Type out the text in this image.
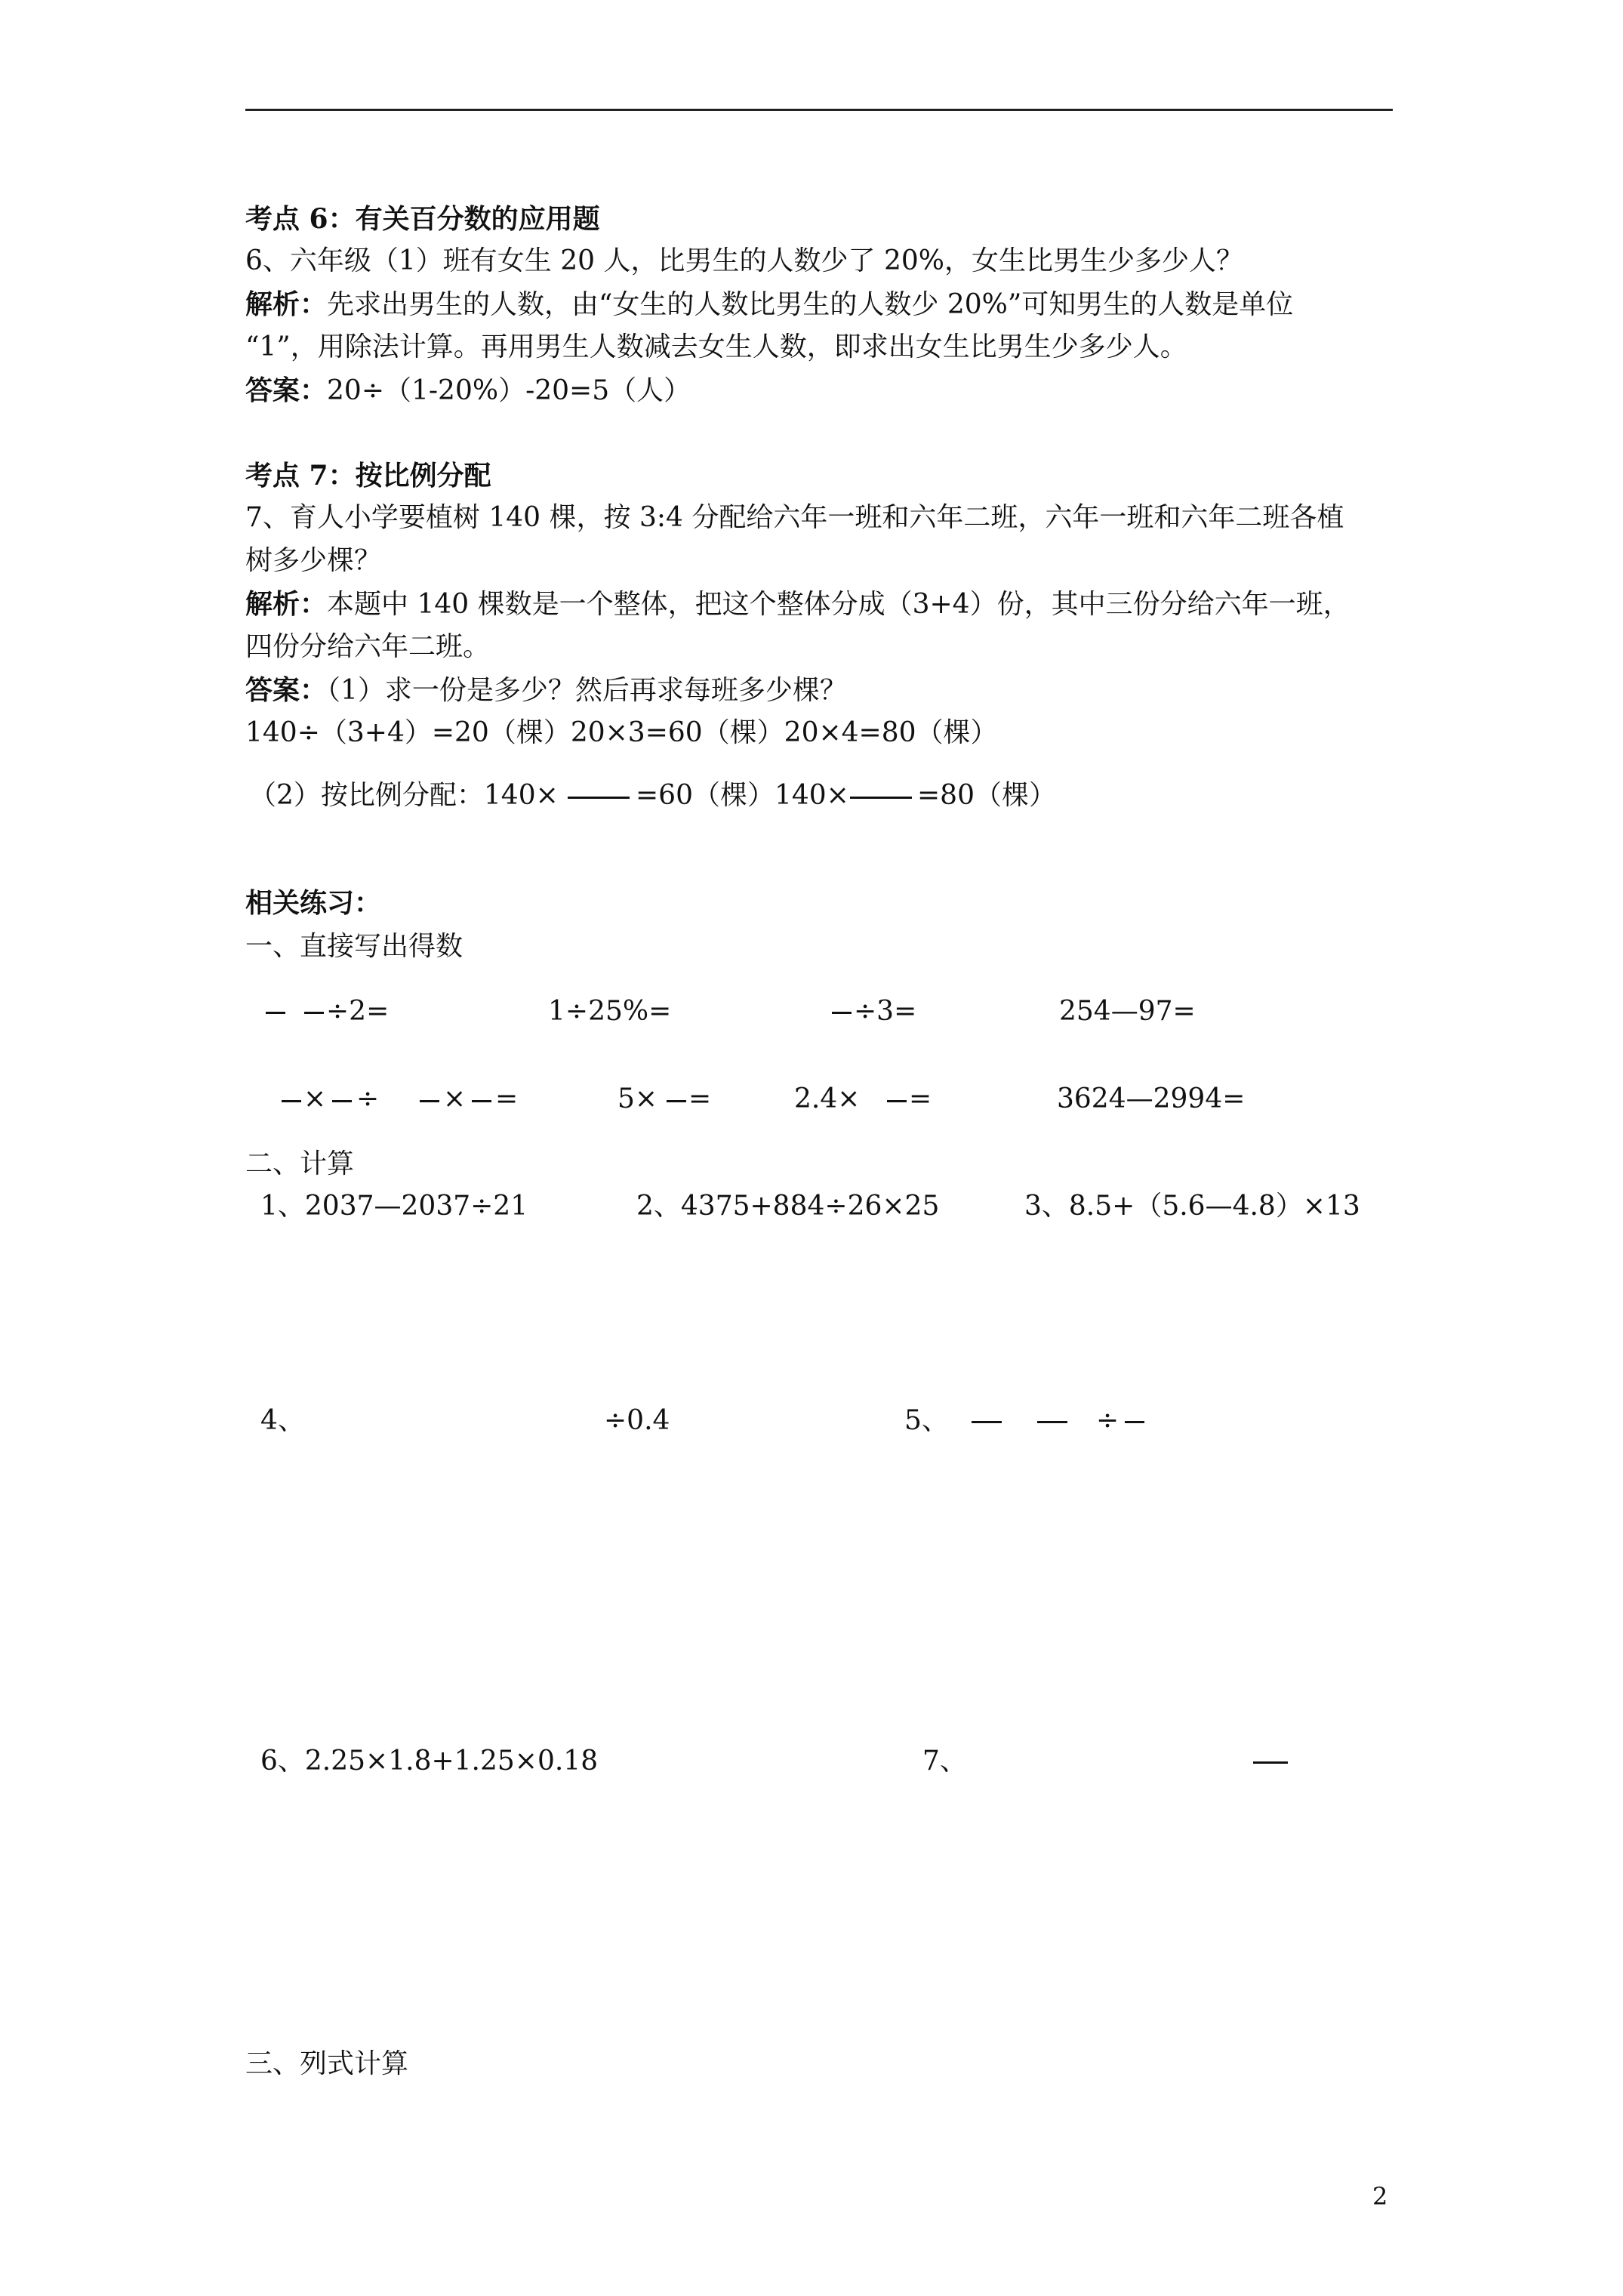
考点 6：有关百分数的应用题
6、六年级（1）班有女生 20 人，比男生的人数少了 20%，女生比男生少多少人？
解析：先求出男生的人数，由“女生的人数比男生的人数少 20%”可知男生的人数是单位
“1”，用除法计算。再用男生人数减去女生人数，即求出女生比男生少多少人。
答案：20÷（1-20%）-20=5（人）
考点 7：按比例分配
7、育人小学要植树 140 棵，按 3:4 分配给六年一班和六年二班，六年一班和六年二班各植
树多少棵？
解析：本题中 140 棵数是一个整体，把这个整体分成（3+4）份，其中三份分给六年一班，
四份分给六年二班。
答案：（1）求一份是多少？然后再求每班多少棵？
140÷（3+4）=20（棵）20×3=60（棵）20×4=80（棵）
（2）按比例分配：140×	=60（棵）140×	=80（棵）
相关练习：
一、直接写出得数
÷2=	1÷25%=	÷3=	254—97=
× ÷ × =	5× =	2.4× =	3624—2994=
二、计算
1、2037—2037÷21	2、4375+884÷26×25	3、8.5+（5.6—4.8）×13
4、	÷0.4	5、	÷
6、2.25×1.8+1.25×0.18	7、
三、列式计算
2
